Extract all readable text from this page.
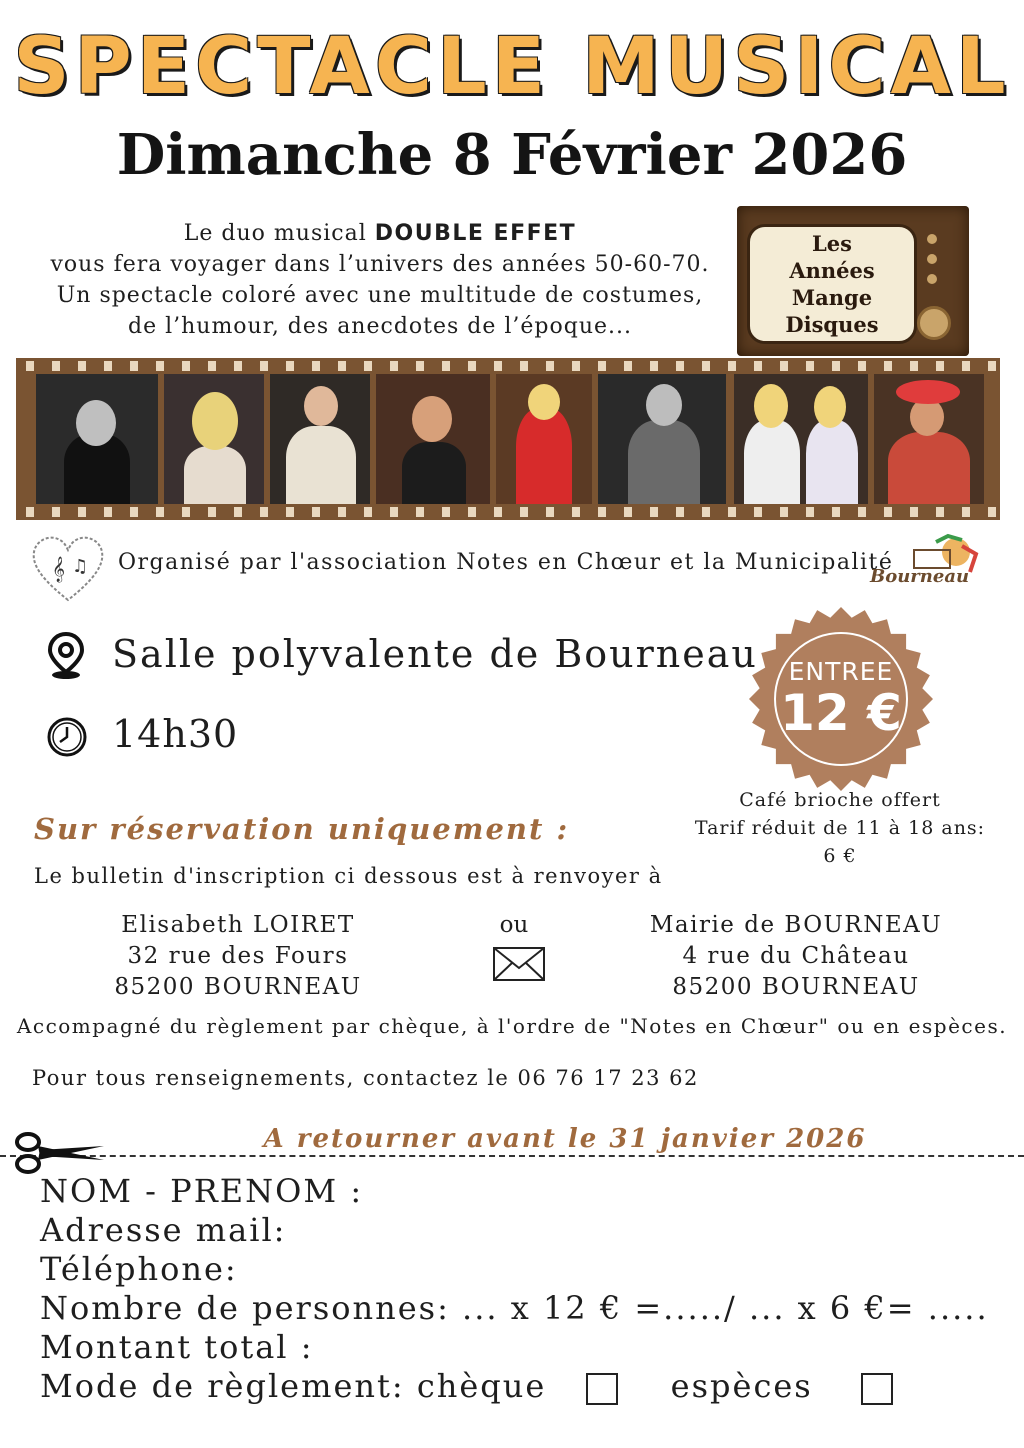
SPECTACLE MUSICAL
Dimanche 8 Février 2026
Le duo musical DOUBLE EFFET
vous fera voyager dans l’univers des années 50-60-70.
Un spectacle coloré avec une multitude de costumes,
de l’humour, des anecdotes de l’époque...
Les
Années
Mange
Disques
𝄞 ♫ Organisé par l'association Notes en Chœur et la Municipalité
Bourneau
Salle polyvalente de Bourneau
14h30
ENTREE
12 €
Café brioche offert
Tarif réduit de 11 à 18 ans: 6 €
Sur réservation uniquement :
Le bulletin d'inscription ci dessous est à renvoyer à
Elisabeth LOIRET
32 rue des Fours
85200 BOURNEAU
ou	Mairie de BOURNEAU
4 rue du Château
85200 BOURNEAU
Accompagné du règlement par chèque, à l'ordre de "Notes en Chœur" ou en espèces.
Pour tous renseignements, contactez le 06 76 17 23 62
A retourner avant le 31 janvier 2026
NOM - PRENOM :
Adresse mail:
Téléphone:
Nombre de personnes: ... x 12 € =...../ ... x 6 €= .....
Montant total :
Mode de règlement: chèque	espèces
